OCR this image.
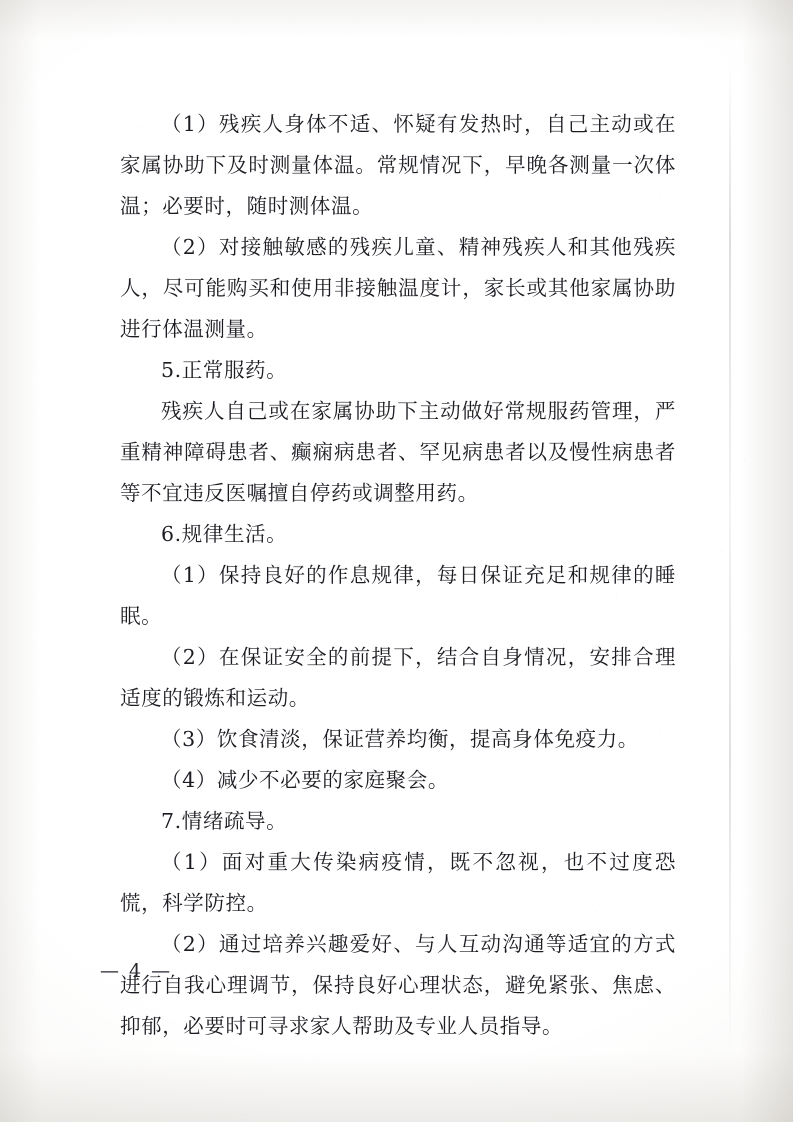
（1）残疾人身体不适、怀疑有发热时，自己主动或在家属协助下及时测量体温。常规情况下，早晚各测量一次体温；必要时，随时测体温。

（2）对接触敏感的残疾儿童、精神残疾人和其他残疾人，尽可能购买和使用非接触温度计，家长或其他家属协助进行体温测量。

5.正常服药。

残疾人自己或在家属协助下主动做好常规服药管理，严重精神障碍患者、癫痫病患者、罕见病患者以及慢性病患者等不宜违反医嘱擅自停药或调整用药。

6.规律生活。

（1）保持良好的作息规律，每日保证充足和规律的睡眠。

（2）在保证安全的前提下，结合自身情况，安排合理适度的锻炼和运动。

（3）饮食清淡，保证营养均衡，提高身体免疫力。

（4）减少不必要的家庭聚会。

7.情绪疏导。

（1）面对重大传染病疫情，既不忽视，也不过度恐慌，科学防控。

（2）通过培养兴趣爱好、与人互动沟通等适宜的方式进行自我心理调节，保持良好心理状态，避免紧张、焦虑、抑郁，必要时可寻求家人帮助及专业人员指导。

— 4 —
